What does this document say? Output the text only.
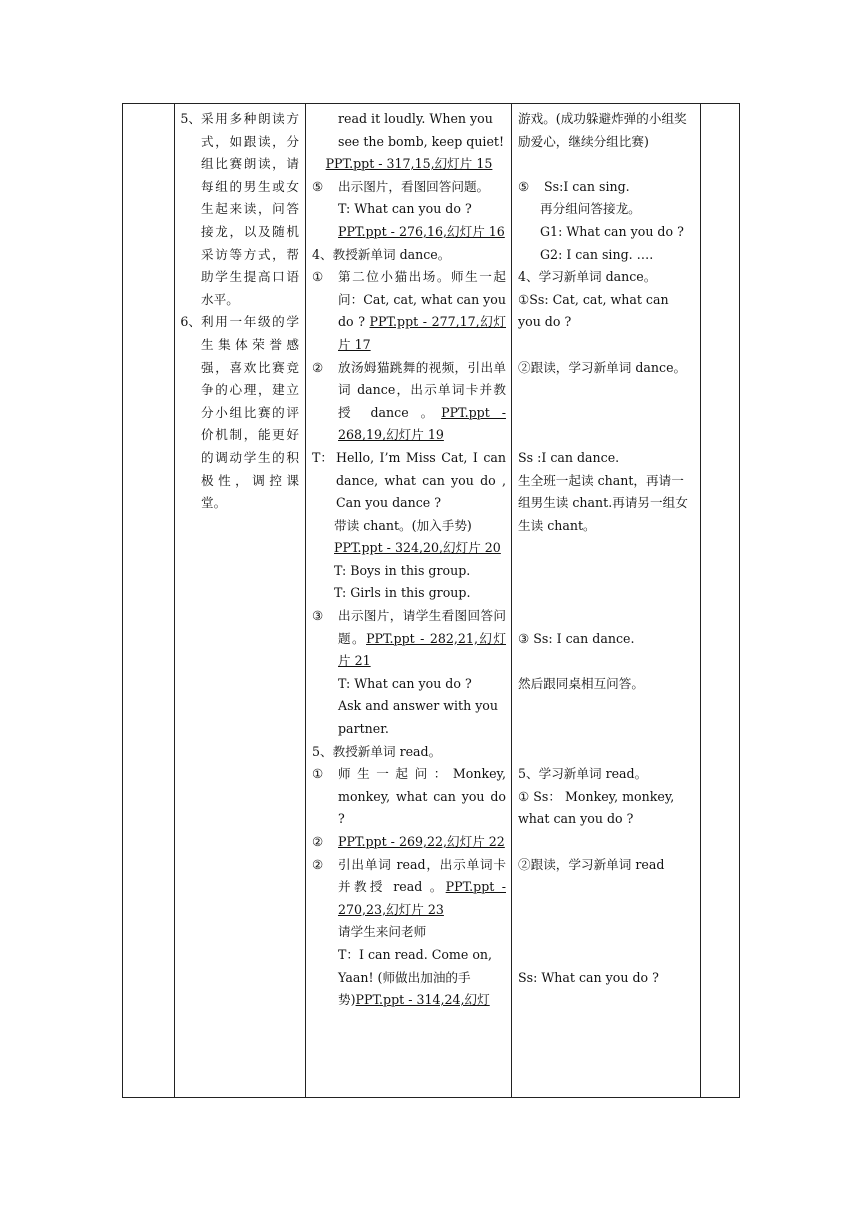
5、 采用多种朗读方式，如跟读，分组比赛朗读，请每组的男生或女生起来读，问答接龙，以及随机采访等方式，帮助学生提高口语水平。
6、 利用一年级的学生集体荣誉感强，喜欢比赛竞争的心理，建立分小组比赛的评价机制，能更好的调动学生的积极性，调控课堂。

read it loudly. When you see the bomb, keep quiet!
PPT.ppt - 317,15,幻灯片 15
⑤	出示图片，看图回答问题。
T: What can you do ?PPT.ppt - 276,16,幻灯片 16
4、教授新单词 dance。
①	第二位小猫出场。师生一起问：Cat, cat, what can you do ? PPT.ppt - 277,17,幻灯片 17
②	放汤姆猫跳舞的视频，引出单词 dance，出示单词卡并教授 dance 。PPT.ppt - 268,19,幻灯片 19
T： Hello, I’m Miss Cat, I can dance, what can you do , Can you dance ?
带读 chant。(加入手势)
PPT.ppt - 324,20,幻灯片 20
T: Boys in this group.
T: Girls in this group.
③	出示图片，请学生看图回答问题。PPT.ppt - 282,21,幻灯片 21
T: What can you do ?
Ask and answer with you partner.
5、教授新单词 read。
①	师生一起问：Monkey, monkey, what can you do ?
②	PPT.ppt - 269,22,幻灯片 22
②	引出单词 read，出示单词卡并教授 read 。PPT.ppt - 270,23,幻灯片 23
请学生来问老师
T：I can read. Come on, Yaan! (师做出加油的手势)PPT.ppt - 314,24,幻灯

游戏。(成功躲避炸弹的小组奖励爱心，继续分组比赛)
⑤	Ss:I can sing.
再分组问答接龙。
G1: What can you do ?
G2: I can sing. ….
4、学习新单词 dance。
①Ss: Cat, cat, what can you do ?
②跟读，学习新单词 dance。
Ss :I can dance.
生全班一起读 chant，再请一组男生读 chant.再请另一组女生读 chant。
③ Ss: I can dance.
然后跟同桌相互问答。
5、学习新单词 read。
① Ss： Monkey, monkey, what can you do ?
②跟读，学习新单词 read
Ss: What can you do ?
